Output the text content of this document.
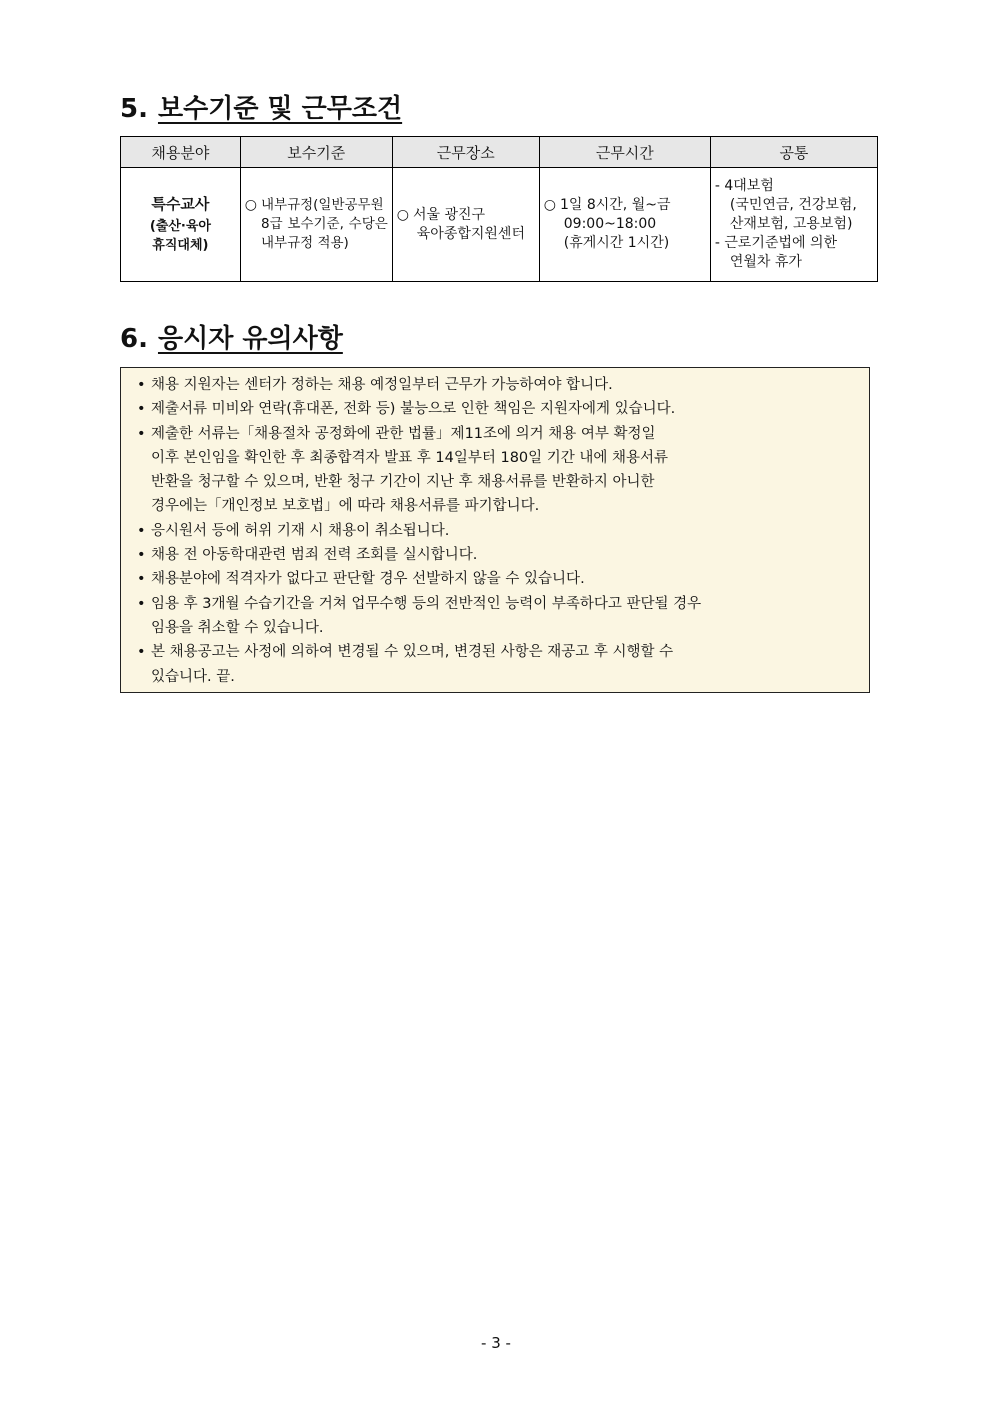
5. 보수기준 및 근무조건
채용분야	보수기준	근무장소	근무시간	공통

특수교사
(출산·육아
휴직대체)	○ 내부규정(일반공무원 8급 보수기준, 수당은 내부규정 적용)	○ 서울 광진구
육아종합지원센터	○ 1일 8시간, 월~금
09:00~18:00
(휴게시간 1시간)	- 4대보험
(국민연금, 건강보험,
산재보험, 고용보험)
- 근로기준법에 의한
연월차 휴가
6. 응시자 유의사항
• 채용 지원자는 센터가 정하는 채용 예정일부터 근무가 가능하여야 합니다.
• 제출서류 미비와 연락(휴대폰, 전화 등) 불능으로 인한 책임은 지원자에게 있습니다.
• 제출한 서류는「채용절차 공정화에 관한 법률」제11조에 의거 채용 여부 확정일
이후 본인임을 확인한 후 최종합격자 발표 후 14일부터 180일 기간 내에 채용서류
반환을 청구할 수 있으며, 반환 청구 기간이 지난 후 채용서류를 반환하지 아니한
경우에는「개인정보 보호법」에 따라 채용서류를 파기합니다.
• 응시원서 등에 허위 기재 시 채용이 취소됩니다.
• 채용 전 아동학대관련 범죄 전력 조회를 실시합니다.
• 채용분야에 적격자가 없다고 판단할 경우 선발하지 않을 수 있습니다.
• 임용 후 3개월 수습기간을 거쳐 업무수행 등의 전반적인 능력이 부족하다고 판단될 경우
임용을 취소할 수 있습니다.
• 본 채용공고는 사정에 의하여 변경될 수 있으며, 변경된 사항은 재공고 후 시행할 수
있습니다. 끝.
- 3 -
